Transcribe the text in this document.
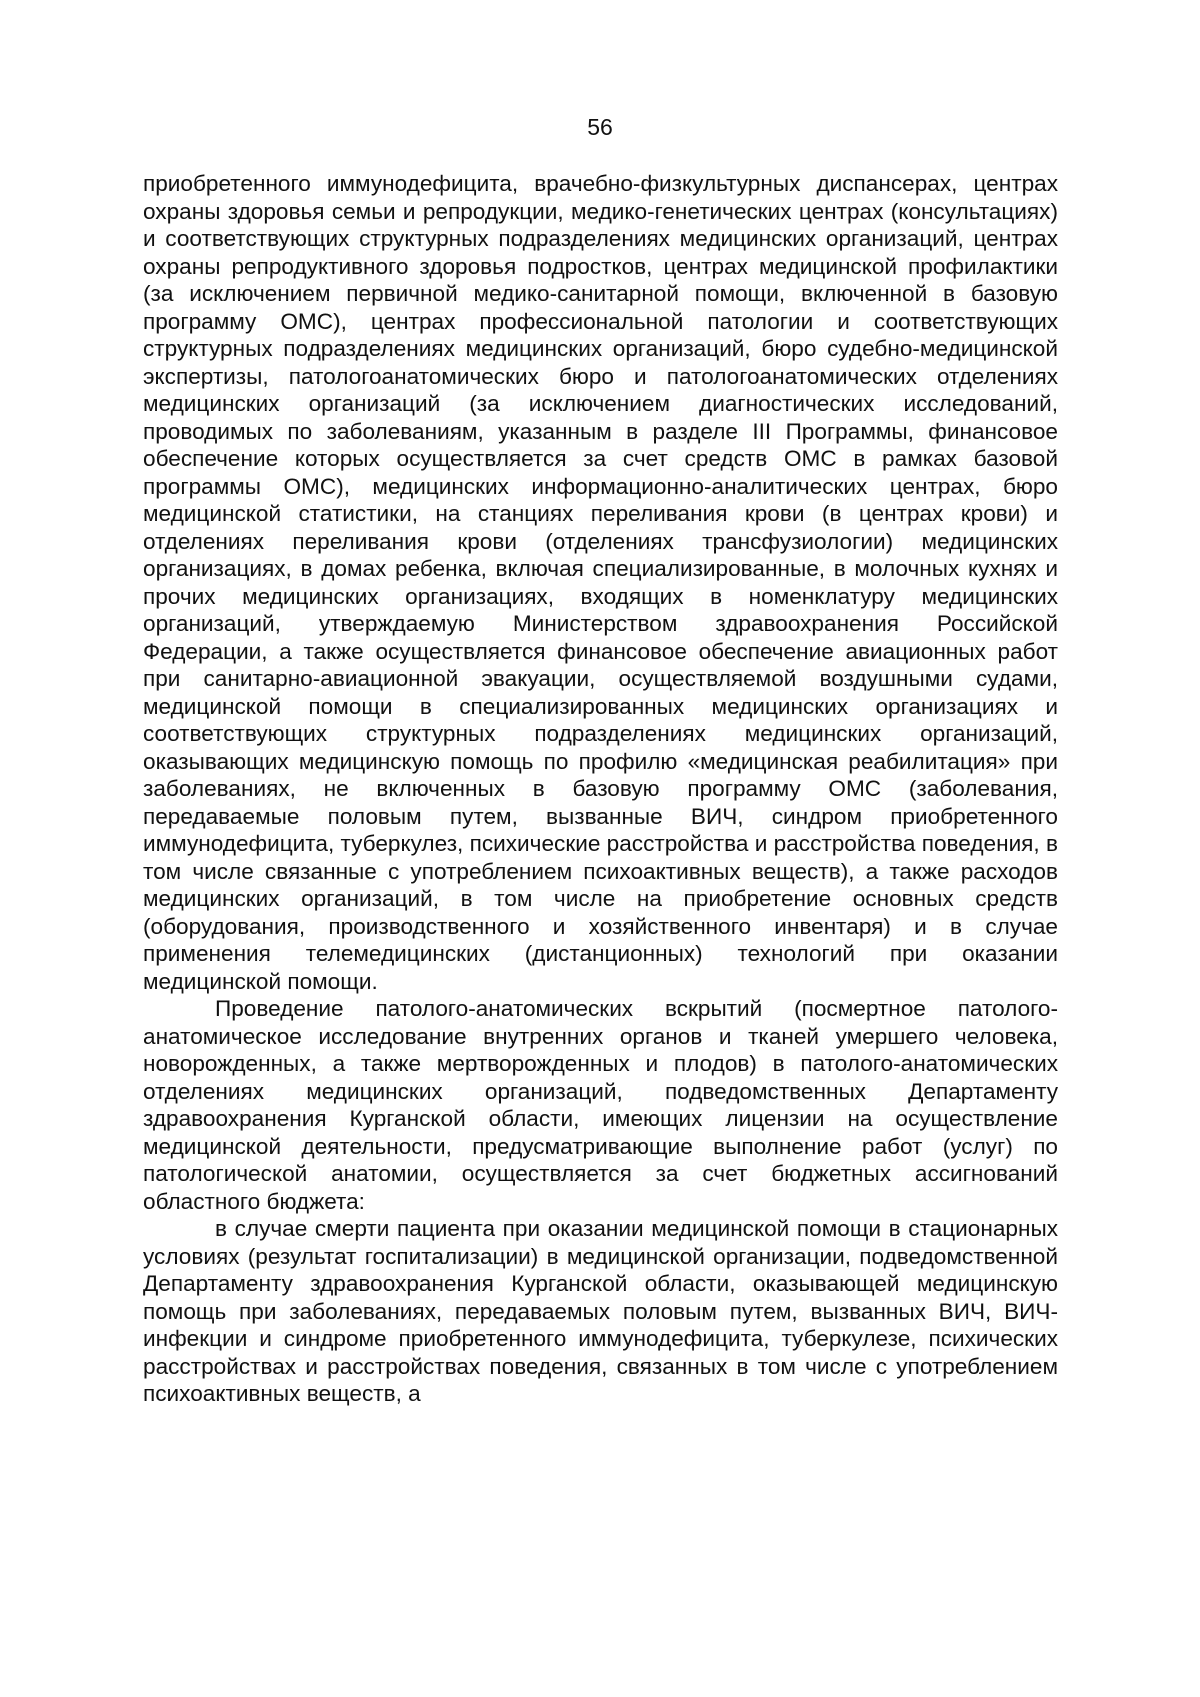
56

приобретенного иммунодефицита, врачебно-физкультурных диспансерах, центрах охраны здоровья семьи и репродукции, медико-генетических центрах (консультациях) и соответствующих структурных подразделениях медицинских организаций, центрах охраны репродуктивного здоровья подростков, центрах медицинской профилактики (за исключением первичной медико-санитарной помощи, включенной в базовую программу ОМС), центрах профессиональной патологии и соответствующих структурных подразделениях медицинских организаций, бюро судебно-медицинской экспертизы, патологоанатомических бюро и патологоанатомических отделениях медицинских организаций (за исключением диагностических исследований, проводимых по заболеваниям, указанным в разделе III Программы, финансовое обеспечение которых осуществляется за счет средств ОМС в рамках базовой программы ОМС), медицинских информационно-аналитических центрах, бюро медицинской статистики, на станциях переливания крови (в центрах крови) и отделениях переливания крови (отделениях трансфузиологии) медицинских организациях, в домах ребенка, включая специализированные, в молочных кухнях и прочих медицинских организациях, входящих в номенклатуру медицинских организаций, утверждаемую Министерством здравоохранения Российской Федерации, а также осуществляется финансовое обеспечение авиационных работ при санитарно-авиационной эвакуации, осуществляемой воздушными судами, медицинской помощи в специализированных медицинских организациях и соответствующих структурных подразделениях медицинских организаций, оказывающих медицинскую помощь по профилю «медицинская реабилитация» при заболеваниях, не включенных в базовую программу ОМС (заболевания, передаваемые половым путем, вызванные ВИЧ, синдром приобретенного иммунодефицита, туберкулез, психические расстройства и расстройства поведения, в том числе связанные с употреблением психоактивных веществ), а также расходов медицинских организаций, в том числе на приобретение основных средств (оборудования, производственного и хозяйственного инвентаря) и в случае применения телемедицинских (дистанционных) технологий при оказании медицинской помощи.

Проведение патолого-анатомических вскрытий (посмертное патолого-анатомическое исследование внутренних органов и тканей умершего человека, новорожденных, а также мертворожденных и плодов) в патолого-анатомических отделениях медицинских организаций, подведомственных Департаменту здравоохранения Курганской области, имеющих лицензии на осуществление медицинской деятельности, предусматривающие выполнение работ (услуг) по патологической анатомии, осуществляется за счет бюджетных ассигнований областного бюджета:

в случае смерти пациента при оказании медицинской помощи в стационарных условиях (результат госпитализации) в медицинской организации, подведомственной Департаменту здравоохранения Курганской области, оказывающей медицинскую помощь при заболеваниях, передаваемых половым путем, вызванных ВИЧ, ВИЧ-инфекции и синдроме приобретенного иммунодефицита, туберкулезе, психических расстройствах и расстройствах поведения, связанных в том числе с употреблением психоактивных веществ, а
